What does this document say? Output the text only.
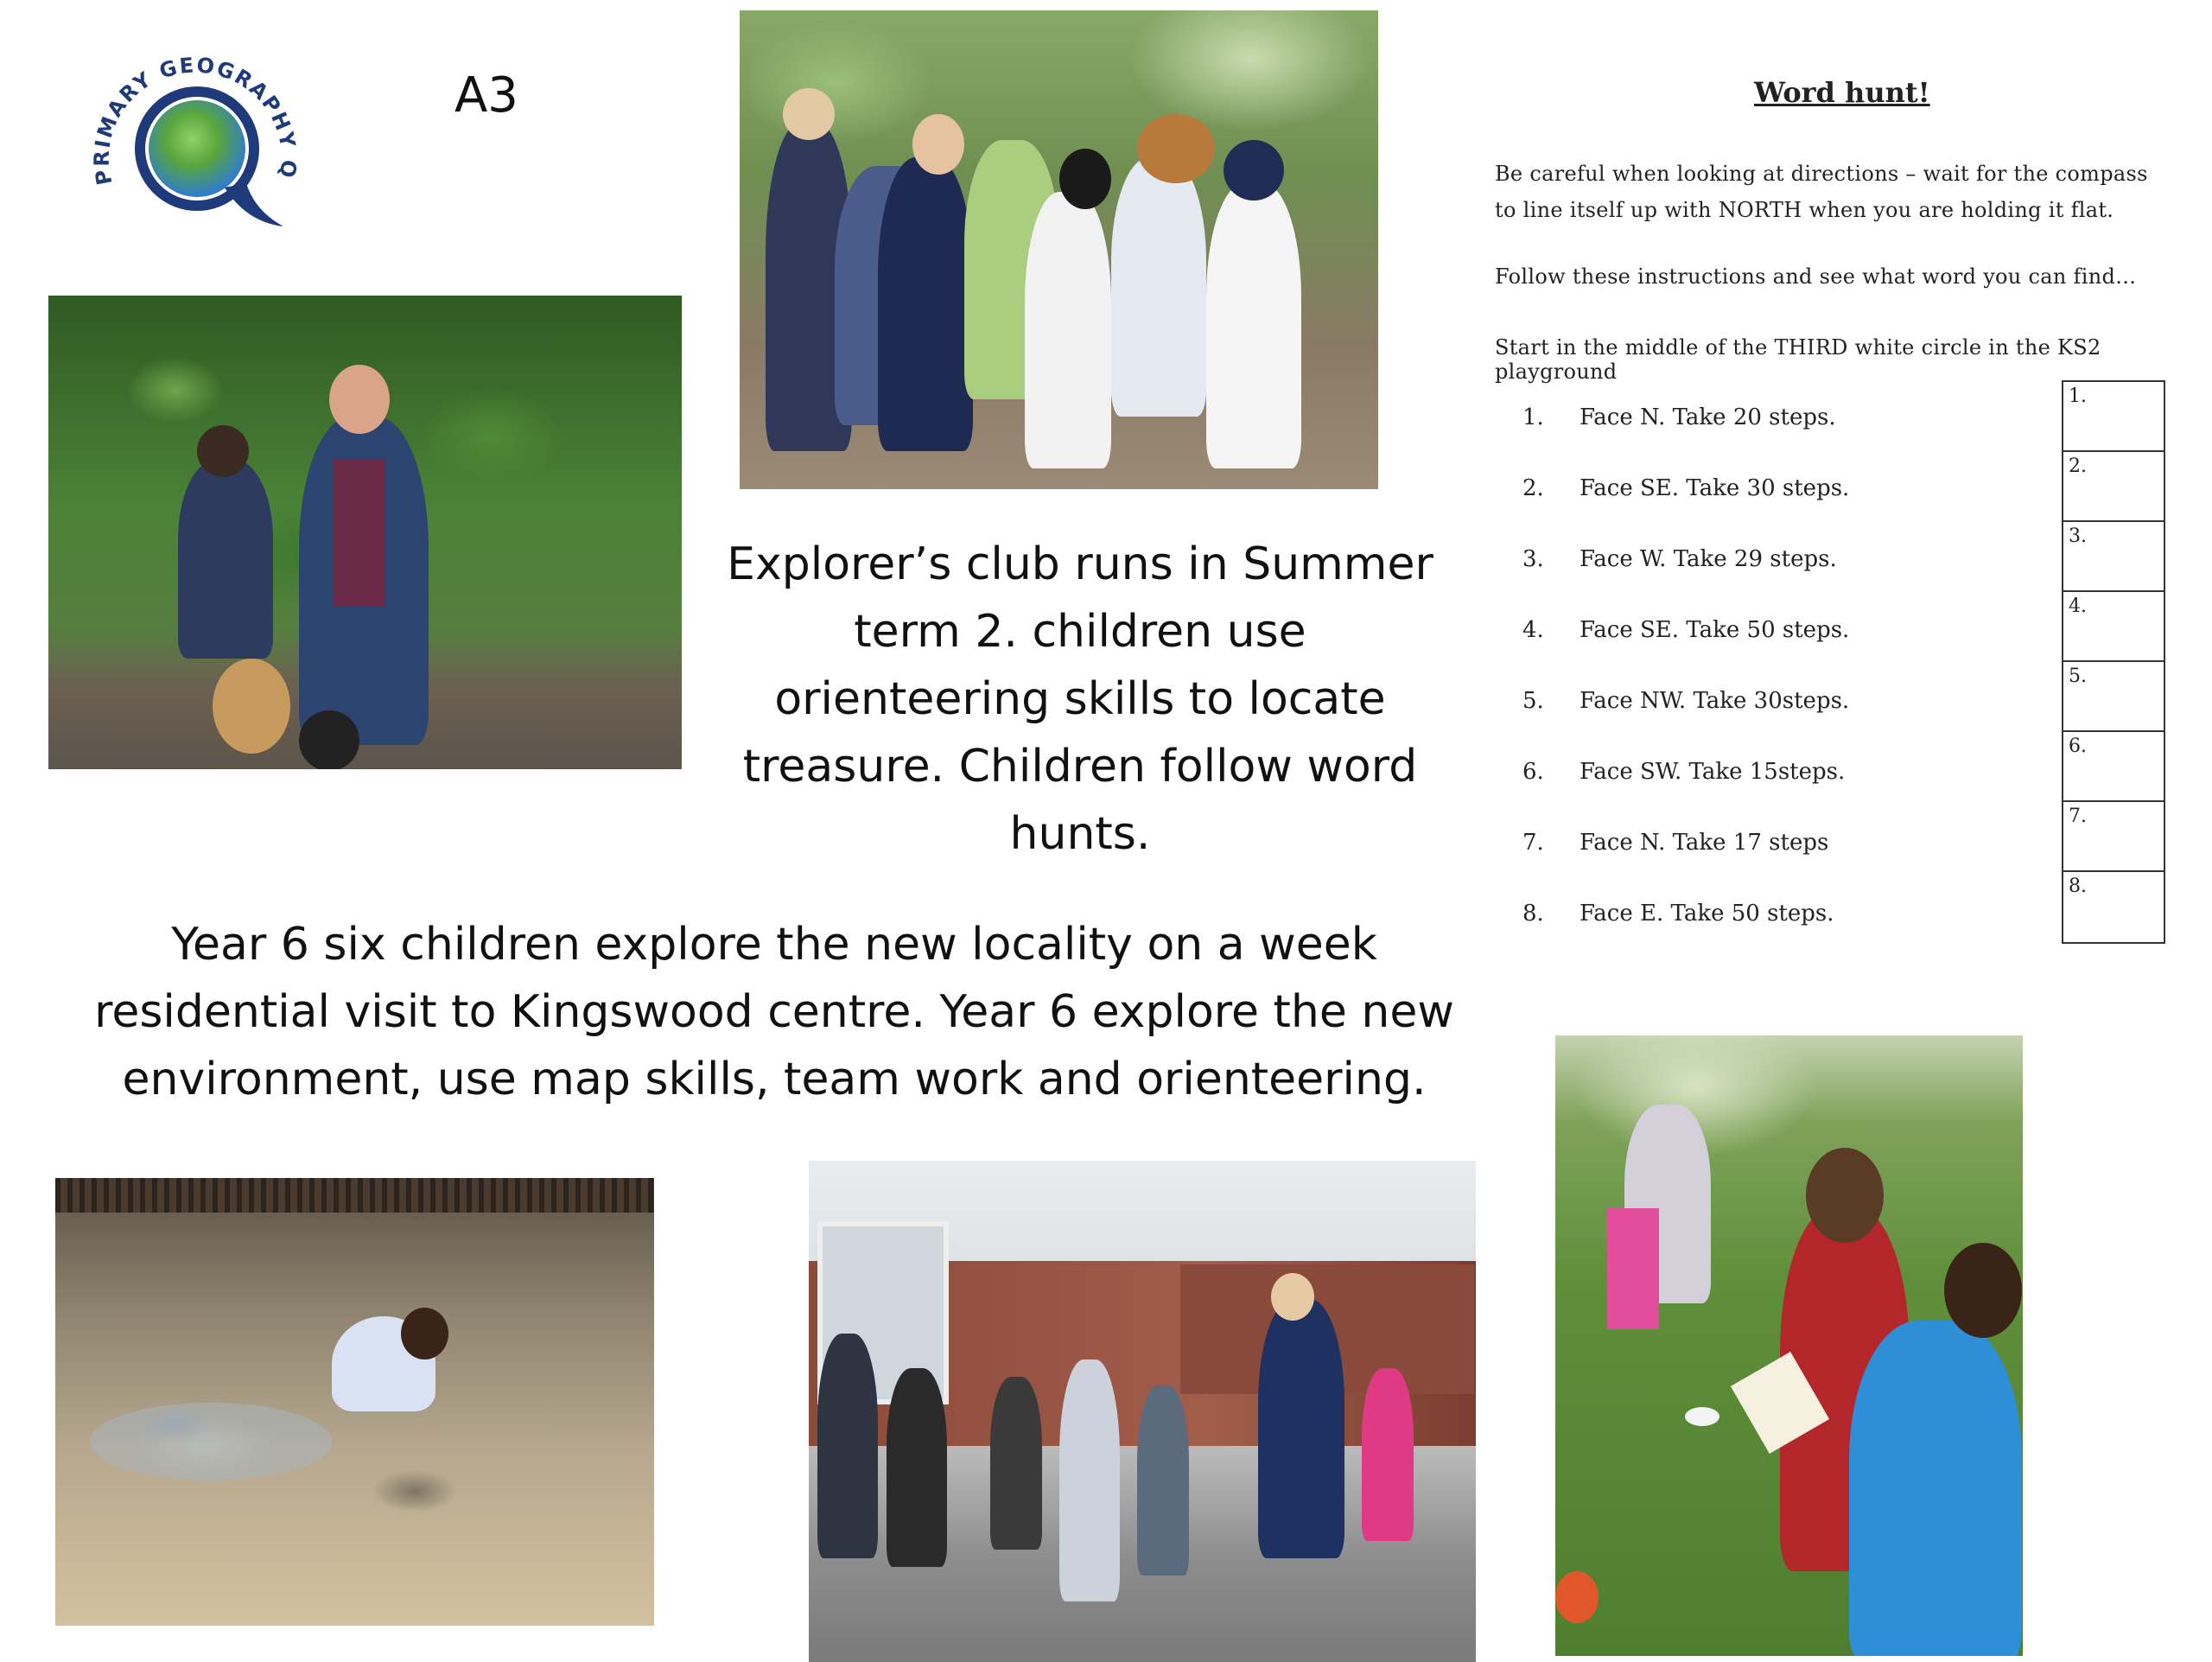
PRIMARY GEOGRAPHY Q
A3
Explorer’s club runs in Summer term 2. children use orienteering skills to locate treasure. Children follow word hunts.
Word hunt!
Be careful when looking at directions – wait for the compass to line itself up with NORTH when you are holding it flat.
Follow these instructions and see what word you can find…
Start in the middle of the THIRD white circle in the KS2 playground
1. Face N. Take 20 steps.
2. Face SE. Take 30 steps.
3. Face W. Take 29 steps.
4. Face SE. Take 50 steps.
5. Face NW. Take 30steps.
6. Face SW. Take 15steps.
7. Face N. Take 17 steps
8. Face E. Take 50 steps.
1.
2.
3.
4.
5.
6.
7.
8.
Year 6 six children explore the new locality on a week residential visit to Kingswood centre. Year 6 explore the new environment, use map skills, team work and orienteering.
